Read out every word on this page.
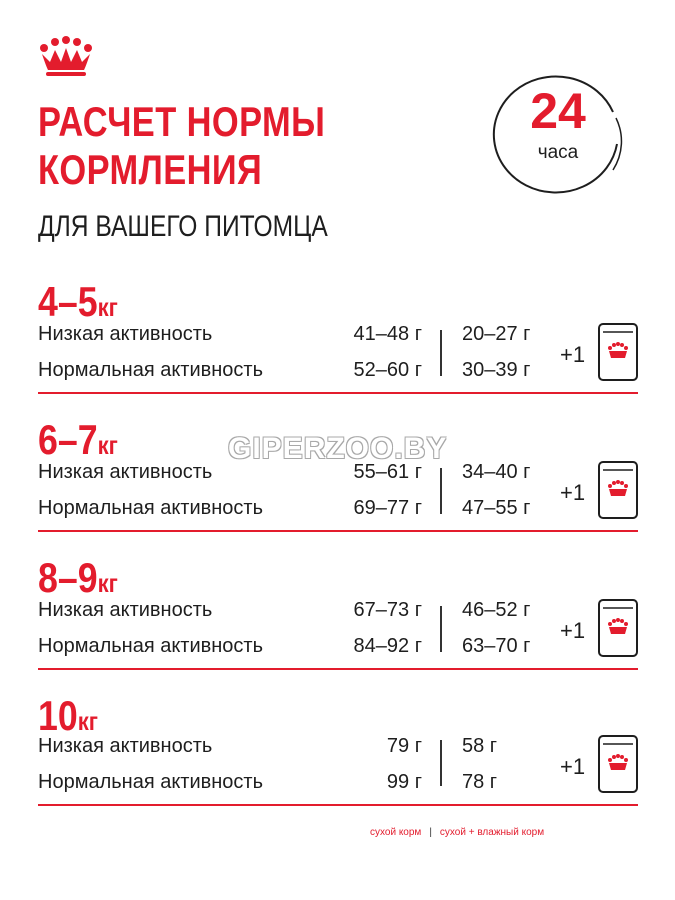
РАСЧЕТ НОРМЫ
КОРМЛЕНИЯ
ДЛЯ ВАШЕГО ПИТОМЦА
24
часа
4–5кг
Низкая активность	41–48 г 20–27 г
Нормальная активность	52–60 г 30–39 г
+1
6–7кг
Низкая активность	55–61 г 34–40 г
Нормальная активность	69–77 г 47–55 г
+1
8–9кг
Низкая активность	67–73 г 46–52 г
Нормальная активность	84–92 г 63–70 г
+1
10кг
Низкая активность	79 г 58 г
Нормальная активность	99 г 78 г
+1
GIPERZOO.BY
сухой корм | сухой + влажный корм
